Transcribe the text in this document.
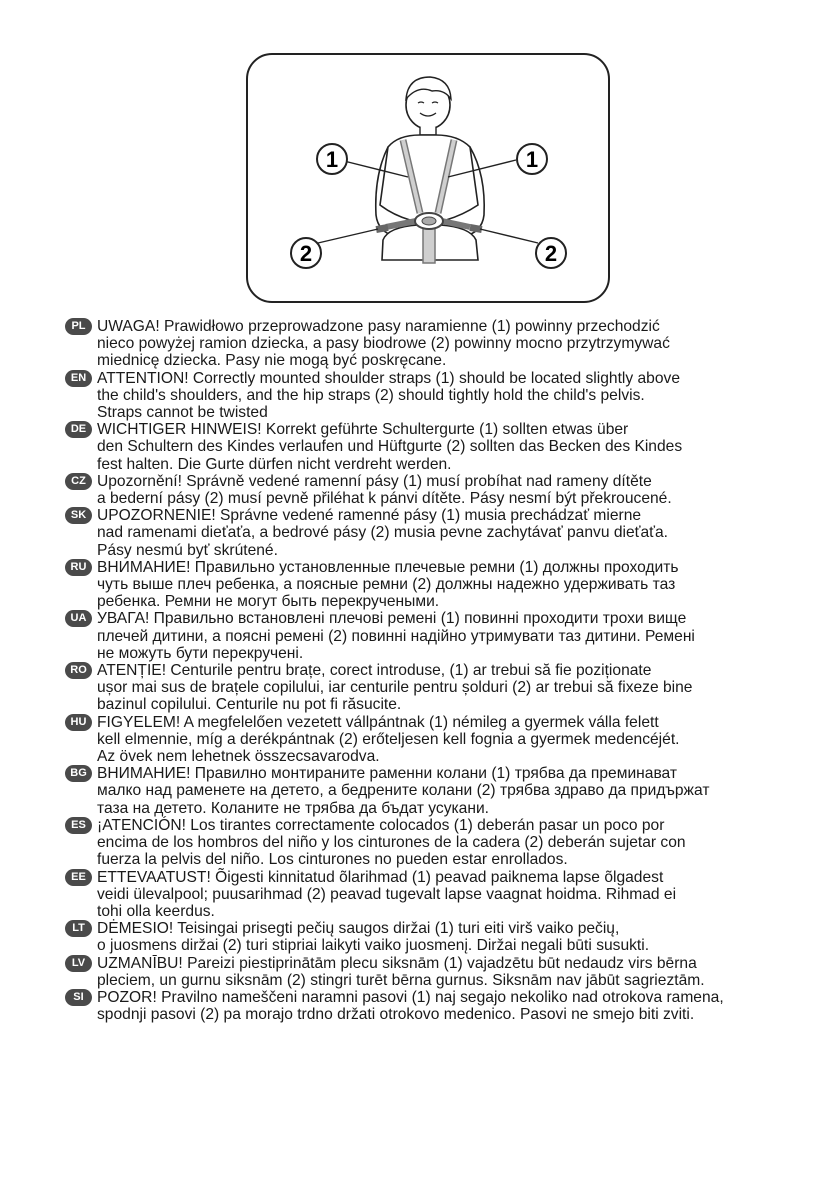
1	1
2	2
PL UWAGA! Prawidłowo przeprowadzone pasy naramienne (1) powinny przechodzić
nieco powyżej ramion dziecka, a pasy biodrowe (2) powinny mocno przytrzymywać
miednicę dziecka. Pasy nie mogą być poskręcane.
EN ATTENTION! Correctly mounted shoulder straps (1) should be located slightly above
the child's shoulders, and the hip straps (2) should tightly hold the child's pelvis.
Straps cannot be twisted
DE WICHTIGER HINWEIS! Korrekt geführte Schultergurte (1) sollten etwas über
den Schultern des Kindes verlaufen und Hüftgurte (2) sollten das Becken des Kindes
fest halten. Die Gurte dürfen nicht verdreht werden.
CZ Upozornění! Správně vedené ramenní pásy (1) musí probíhat nad rameny dítěte
a bederní pásy (2) musí pevně přiléhat k pánvi dítěte. Pásy nesmí být překroucené.
SK UPOZORNENIE! Správne vedené ramenné pásy (1) musia prechádzať mierne
nad ramenami dieťaťa, a bedrové pásy (2) musia pevne zachytávať panvu dieťaťa.
Pásy nesmú byť skrútené.
RU ВНИМАНИЕ! Правильно установленные плечевые ремни (1) должны проходить
чуть выше плеч ребенка, а поясные ремни (2) должны надежно удерживать таз
ребенка. Ремни не могут быть перекручеными.
UA УВАГА! Правильно встановлені плечові ремені (1) повинні проходити трохи вище
плечей дитини, а поясні ремені (2) повинні надійно утримувати таз дитини. Ремені
не можуть бути перекручені.
RO ATENȚIE! Centurile pentru brațe, corect introduse, (1) ar trebui să fie poziționate
ușor mai sus de brațele copilului, iar centurile pentru șolduri (2) ar trebui să fixeze bine
bazinul copilului. Centurile nu pot fi răsucite.
HU FIGYELEM! A megfelelően vezetett vállpántnak (1) némileg a gyermek válla felett
kell elmennie, míg a derékpántnak (2) erőteljesen kell fognia a gyermek medencéjét.
Az övek nem lehetnek összecsavarodva.
BG ВНИМАНИЕ! Правилно монтираните раменни колани (1) трябва да преминават
малко над раменете на детето, а бедрените колани (2) трябва здраво да придържат
таза на детето. Коланите не трябва да бъдат усукани.
ES ¡ATENCIÓN! Los tirantes correctamente colocados (1) deberán pasar un poco por
encima de los hombros del niño y los cinturones de la cadera (2) deberán sujetar con
fuerza la pelvis del niño. Los cinturones no pueden estar enrollados.
EE ETTEVAATUST! Õigesti kinnitatud õlarihmad (1) peavad paiknema lapse õlgadest
veidi ülevalpool; puusarihmad (2) peavad tugevalt lapse vaagnat hoidma. Rihmad ei
tohi olla keerdus.
LT DĖMESIO! Teisingai prisegti pečių saugos diržai (1) turi eiti virš vaiko pečių,
o juosmens diržai (2) turi stipriai laikyti vaiko juosmenį. Diržai negali būti susukti.
LV UZMANĪBU! Pareizi piestiprinātām plecu siksnām (1) vajadzētu būt nedaudz virs bērna
pleciem, un gurnu siksnām (2) stingri turēt bērna gurnus. Siksnām nav jābūt sagrieztām.
SI POZOR! Pravilno nameščeni naramni pasovi (1) naj segajo nekoliko nad otrokova ramena,
spodnji pasovi (2) pa morajo trdno držati otrokovo medenico. Pasovi ne smejo biti zviti.
